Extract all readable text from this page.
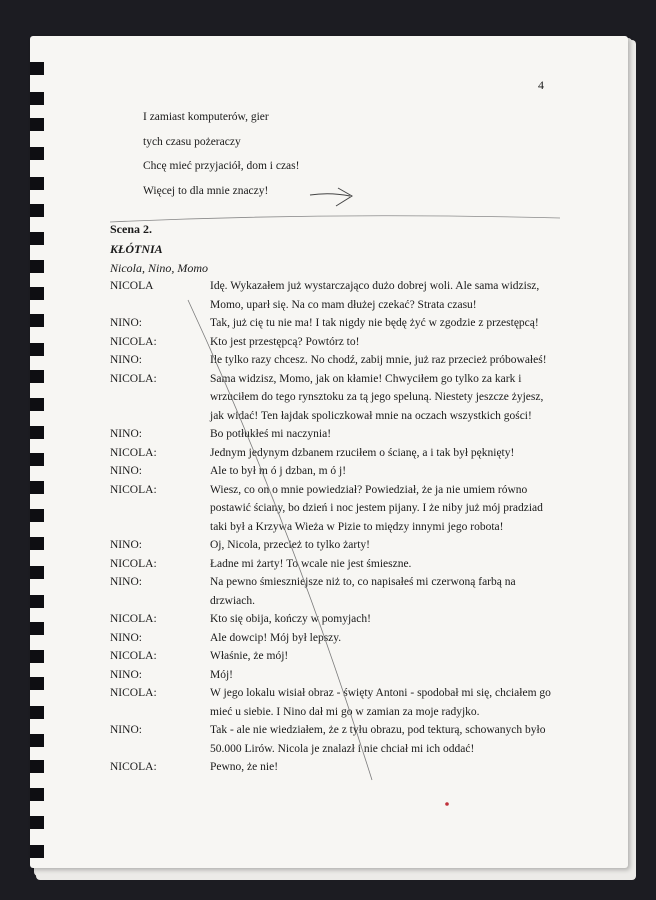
4
I zamiast komputerów, gier
tych czasu pożeraczy
Chcę mieć przyjaciół, dom i czas!
Więcej to dla mnie znaczy!
Scena 2.
KŁÓTNIA
Nicola, Nino, Momo
NICOLA	Idę. Wykazałem już wystarczająco dużo dobrej woli. Ale sama widzisz,
Momo, uparł się. Na co mam dłużej czekać? Strata czasu!
NINO:	Tak, już cię tu nie ma! I tak nigdy nie będę żyć w zgodzie z przestępcą!
NICOLA:	Kto jest przestępcą? Powtórz to!
NINO:	Ile tylko razy chcesz. No chodź, zabij mnie, już raz przecież próbowałeś!
NICOLA:	Sama widzisz, Momo, jak on kłamie! Chwyciłem go tylko za kark i
wrzuciłem do tego rynsztoku za tą jego speluną. Niestety jeszcze żyjesz,
jak widać! Ten łajdak spoliczkował mnie na oczach wszystkich gości!
NINO:	Bo potłukłeś mi naczynia!
NICOLA:	Jednym jedynym dzbanem rzuciłem o ścianę, a i tak był pęknięty!
NINO:	Ale to był m ó j dzban, m ó j!
NICOLA:	Wiesz, co on o mnie powiedział? Powiedział, że ja nie umiem równo
postawić ściany, bo dzień i noc jestem pijany. I że niby już mój pradziad
taki był a Krzywa Wieża w Pizie to między innymi jego robota!
NINO:	Oj, Nicola, przecież to tylko żarty!
NICOLA:	Ładne mi żarty! To wcale nie jest śmieszne.
NINO:	Na pewno śmieszniejsze niż to, co napisałeś mi czerwoną farbą na
drzwiach.
NICOLA:	Kto się obija, kończy w pomyjach!
NINO:	Ale dowcip! Mój był lepszy.
NICOLA:	Właśnie, że mój!
NINO:	Mój!
NICOLA:	W jego lokalu wisiał obraz - święty Antoni - spodobał mi się, chciałem go
mieć u siebie. I Nino dał mi go w zamian za moje radyjko.
NINO:	Tak - ale nie wiedziałem, że z tyłu obrazu, pod tekturą, schowanych było
50.000 Lirów. Nicola je znalazł i nie chciał mi ich oddać!
NICOLA:	Pewno, że nie!
